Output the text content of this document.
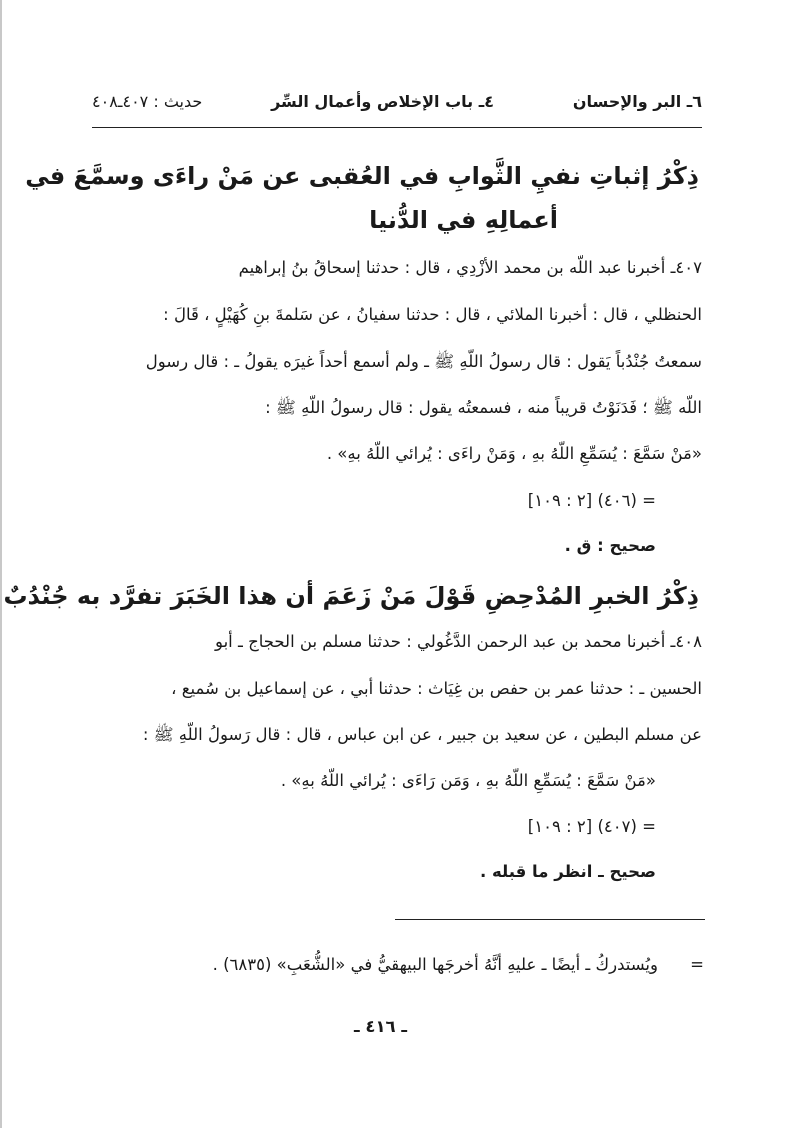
٦ـ البر والإحسان
٤ـ باب الإخلاص وأعمال السِّر
حديث : ٤٠٧ـ٤٠٨
ذِكْرُ إثباتِ نفيِ الثَّوابِ في العُقبى عن مَنْ راءَى وسمَّعَ في
أعمالِهِ في الدُّنيا
٤٠٧ـ أخبرنا عبد اللّه بن محمد الأزْدِي ، قال : حدثنا إسحاقُ بنُ إبراهيم
الحنظلي ، قال : أخبرنا الملائي ، قال : حدثنا سفيانُ ، عن سَلمةَ بنِ كُهَيْلٍ ، قَالَ :
سمعتُ جُنْدُباً يَقول : قال رسولُ اللّهِ ﷺ ـ ولم أسمع أحداً غيرَه يقولُ ـ : قال رسول
اللّه ﷺ ؛ فَدَنَوْتُ قريباً منه ، فسمعتُه يقول : قال رسولُ اللّهِ ﷺ :
«مَنْ سَمَّعَ : يُسَمِّعِ اللّهُ بهِ ، وَمَنْ راءَى : يُرائي اللّهُ بهِ» .
= (٤٠٦) [٢ : ١٠٩]
صحيح : ق .
ذِكْرُ الخبرِ المُدْحِضِ قَوْلَ مَنْ زَعَمَ أن هذا الخَبَرَ تفرَّد به جُنْدُبٌ
٤٠٨ـ أخبرنا محمد بن عبد الرحمن الدَّغُولي : حدثنا مسلم بن الحجاج ـ أبو
الحسين ـ : حدثنا عمر بن حفص بن غِيَاث : حدثنا أبي ، عن إسماعيل بن سُميع ،
عن مسلم البطين ، عن سعيد بن جبير ، عن ابن عباس ، قال : قال رَسولُ اللّهِ ﷺ :
«مَنْ سَمَّعَ : يُسَمِّعِ اللّهُ بهِ ، وَمَن رَاءَى : يُرائي اللّهُ بهِ» .
= (٤٠٧) [٢ : ١٠٩]
صحيح ـ انظر ما قبله .
=
ويُستدركُ ـ أيضًا ـ عليهِ أنَّهُ أخرجَها البيهقيُّ في «الشُّعَبِ» (٦٨٣٥) .
ـ ٤١٦ ـ
